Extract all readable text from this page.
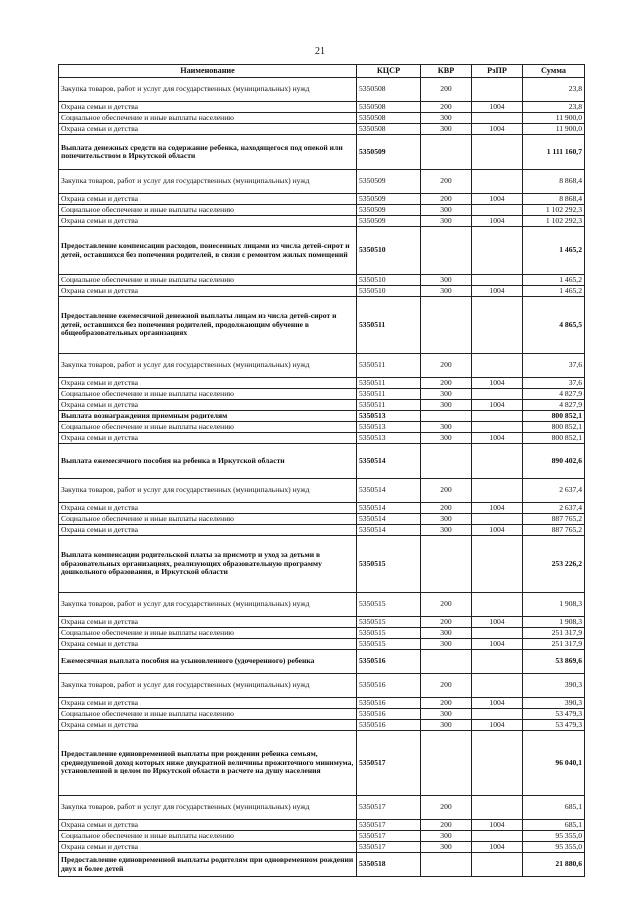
21
Наименование	КЦСР	КВР	РзПР	Сумма
Закупка товаров, работ и услуг для государственных (муниципальных) нужд	5350508	200		23,8
Охрана семьи и детства	5350508	200	1004	23,8
Социальное обеспечение и иные выплаты населению	5350508	300		11 900,0
Охрана семьи и детства	5350508	300	1004	11 900,0
Выплата денежных средств на содержание ребенка, находящегося под опекой или попечительством в Иркутской области	5350509			1 111 160,7
Закупка товаров, работ и услуг для государственных (муниципальных) нужд	5350509	200		8 868,4
Охрана семьи и детства	5350509	200	1004	8 868,4
Социальное обеспечение и иные выплаты населению	5350509	300		1 102 292,3
Охрана семьи и детства	5350509	300	1004	1 102 292,3
Предоставление компенсации расходов, понесенных лицами из числа детей-сирот и детей, оставшихся без попечения родителей, в связи с ремонтом жилых помещений	5350510			1 465,2
Социальное обеспечение и иные выплаты населению	5350510	300		1 465,2
Охрана семьи и детства	5350510	300	1004	1 465,2
Предоставление ежемесячной денежной выплаты лицам из числа детей-сирот и детей, оставшихся без попечения родителей, продолжающим обучение в общеобразовательных организациях	5350511			4 865,5
Закупка товаров, работ и услуг для государственных (муниципальных) нужд	5350511	200		37,6
Охрана семьи и детства	5350511	200	1004	37,6
Социальное обеспечение и иные выплаты населению	5350511	300		4 827,9
Охрана семьи и детства	5350511	300	1004	4 827,9
Выплата вознаграждения приемным родителям	5350513			800 852,1
Социальное обеспечение и иные выплаты населению	5350513	300		800 852,1
Охрана семьи и детства	5350513	300	1004	800 852,1
Выплата ежемесячного пособия на ребенка в Иркутской области	5350514			890 402,6
Закупка товаров, работ и услуг для государственных (муниципальных) нужд	5350514	200		2 637,4
Охрана семьи и детства	5350514	200	1004	2 637,4
Социальное обеспечение и иные выплаты населению	5350514	300		887 765,2
Охрана семьи и детства	5350514	300	1004	887 765,2
Выплата компенсации родительской платы за присмотр и уход за детьми в образовательных организациях, реализующих образовательную программу дошкольного образования, в Иркутской области	5350515			253 226,2
Закупка товаров, работ и услуг для государственных (муниципальных) нужд	5350515	200		1 908,3
Охрана семьи и детства	5350515	200	1004	1 908,3
Социальное обеспечение и иные выплаты населению	5350515	300		251 317,9
Охрана семьи и детства	5350515	300	1004	251 317,9
Ежемесячная выплата пособия на усыновленного (удочеренного) ребенка	5350516			53 869,6
Закупка товаров, работ и услуг для государственных (муниципальных) нужд	5350516	200		390,3
Охрана семьи и детства	5350516	200	1004	390,3
Социальное обеспечение и иные выплаты населению	5350516	300		53 479,3
Охрана семьи и детства	5350516	300	1004	53 479,3
Предоставление единовременной выплаты при рождении ребенка семьям, среднедушевой доход которых ниже двукратной величины прожиточного минимума, установленной в целом по Иркутской области в расчете на душу населения	5350517			96 040,1
Закупка товаров, работ и услуг для государственных (муниципальных) нужд	5350517	200		685,1
Охрана семьи и детства	5350517	200	1004	685,1
Социальное обеспечение и иные выплаты населению	5350517	300		95 355,0
Охрана семьи и детства	5350517	300	1004	95 355,0
Предоставление единовременной выплаты родителям при одновременном рождении двух и более детей	5350518			21 880,6
